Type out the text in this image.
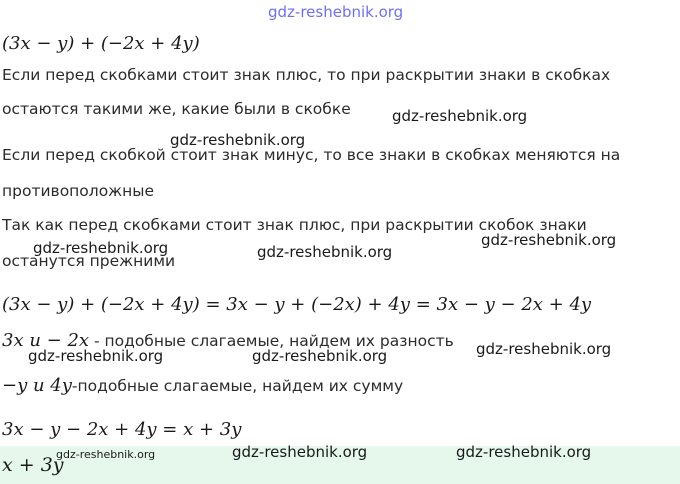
gdz-reshebnik.org
(3x − y) + (−2x + 4y)
Если перед скобками стоит знак плюс, то при раскрытии знаки в скобках
остаются такими же, какие были в скобке	gdz-reshebnik.org
gdz-reshebnik.org
Если перед скобкой стоит знак минус, то все знаки в скобках меняются на
противоположные
Так как перед скобками стоит знак плюс, при раскрытии скобок знаки
gdz-reshebnik.org
gdz-reshebnik.org	gdz-reshebnik.org
останутся прежними
(3x − y) + (−2x + 4y) = 3x − y + (−2x) + 4y = 3x − y − 2x + 4y
3x и − 2x - подобные слагаемые, найдем их разность gdz-reshebnik.org
gdz-reshebnik.org	gdz-reshebnik.org
−y и 4y-подобные слагаемые, найдем их сумму
3x − y − 2x + 4y = x + 3y
x + 3y
gdz-reshebnik.org	gdz-reshebnik.org	gdz-reshebnik.org
